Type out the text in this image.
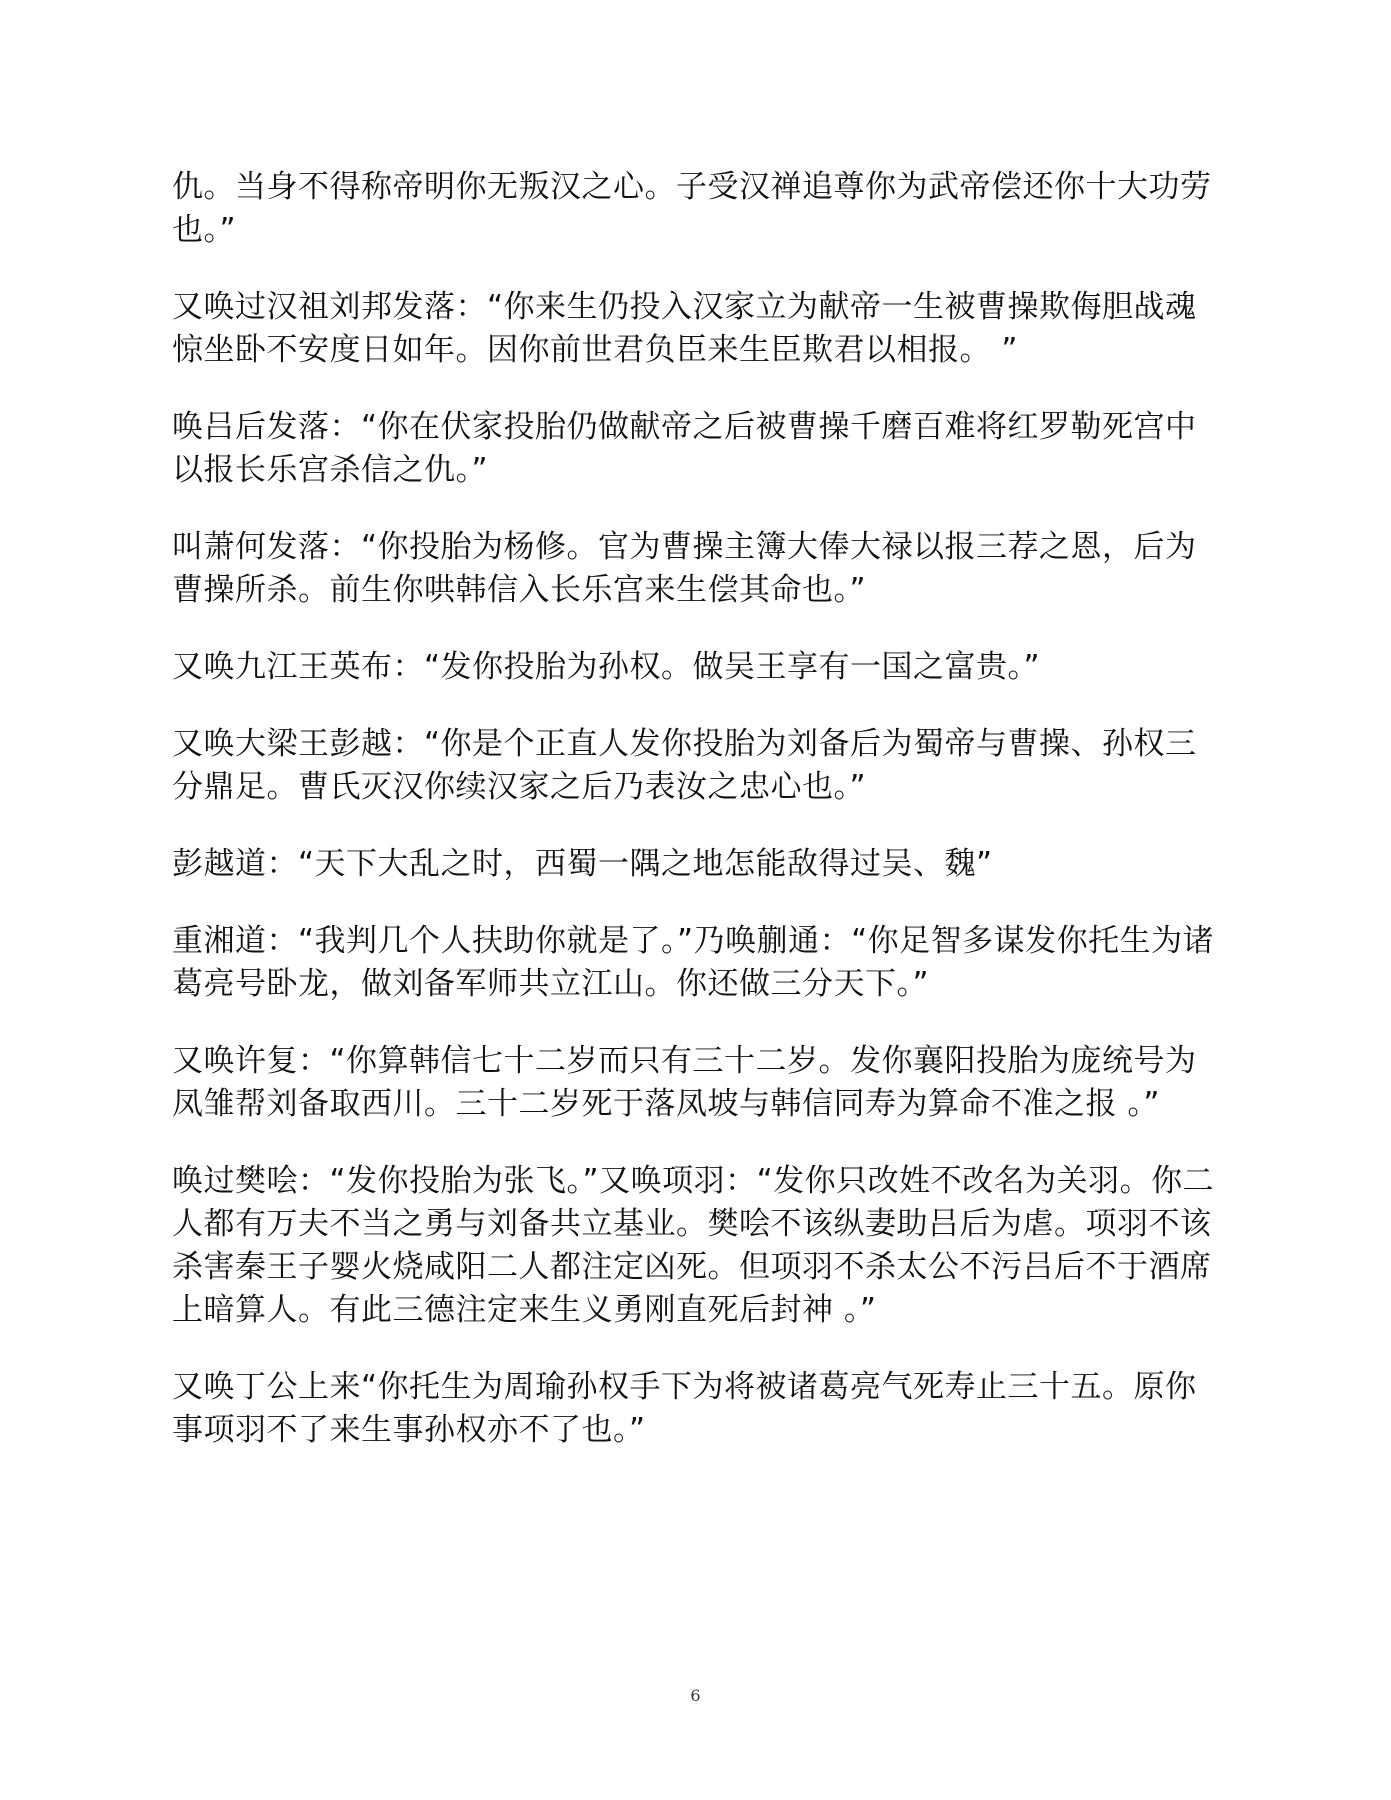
仇。当身不得称帝明你无叛汉之心。子受汉禅追尊你为武帝偿还你十大功劳也。”

又唤过汉祖刘邦发落：“你来生仍投入汉家立为献帝一生被曹操欺侮胆战魂惊坐卧不安度日如年。因你前世君负臣来生臣欺君以相报。 ”

唤吕后发落：“你在伏家投胎仍做献帝之后被曹操千磨百难将红罗勒死宫中以报长乐宫杀信之仇。”

叫萧何发落：“你投胎为杨修。官为曹操主簿大俸大禄以报三荐之恩，后为曹操所杀。前生你哄韩信入长乐宫来生偿其命也。”

又唤九江王英布：“发你投胎为孙权。做吴王享有一国之富贵。”

又唤大梁王彭越：“你是个正直人发你投胎为刘备后为蜀帝与曹操、孙权三分鼎足。曹氏灭汉你续汉家之后乃表汝之忠心也。”

彭越道：“天下大乱之时，西蜀一隅之地怎能敌得过吴、魏”

重湘道：“我判几个人扶助你就是了。”乃唤蒯通：“你足智多谋发你托生为诸葛亮号卧龙，做刘备军师共立江山。你还做三分天下。”

又唤许复：“你算韩信七十二岁而只有三十二岁。发你襄阳投胎为庞统号为凤雏帮刘备取西川。三十二岁死于落凤坡与韩信同寿为算命不准之报 。”

唤过樊哙：“发你投胎为张飞。”又唤项羽：“发你只改姓不改名为关羽。你二人都有万夫不当之勇与刘备共立基业。樊哙不该纵妻助吕后为虐。项羽不该杀害秦王子婴火烧咸阳二人都注定凶死。但项羽不杀太公不污吕后不于酒席上暗算人。有此三德注定来生义勇刚直死后封神 。”

又唤丁公上来“你托生为周瑜孙权手下为将被诸葛亮气死寿止三十五。原你事项羽不了来生事孙权亦不了也。”

6
